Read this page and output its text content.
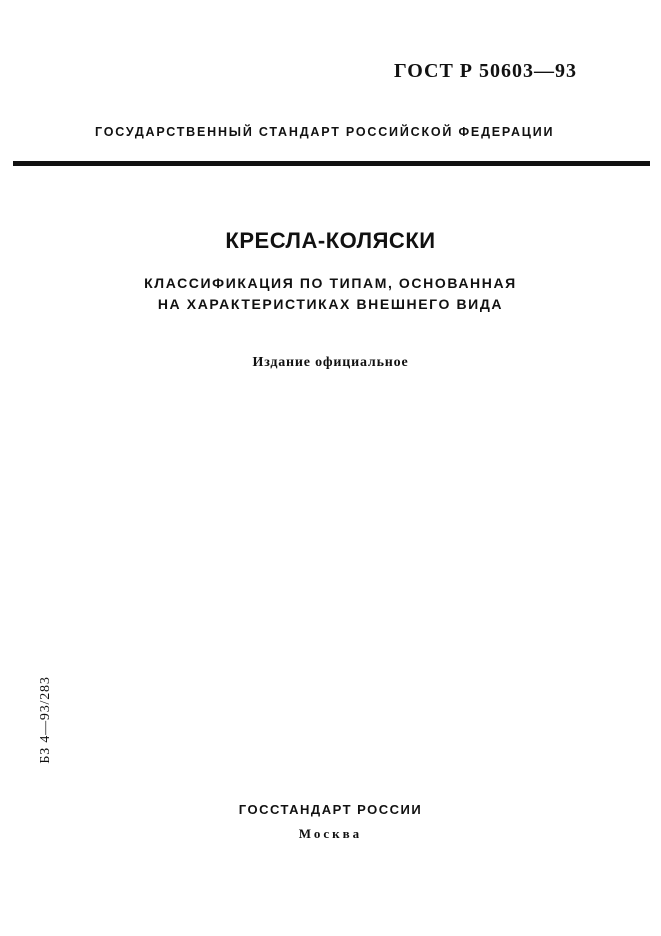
ГОСТ Р 50603—93
ГОСУДАРСТВЕННЫЙ СТАНДАРТ РОССИЙСКОЙ ФЕДЕРАЦИИ
КРЕСЛА-КОЛЯСКИ
КЛАССИФИКАЦИЯ ПО ТИПАМ, ОСНОВАННАЯ
НА ХАРАКТЕРИСТИКАХ ВНЕШНЕГО ВИДА
Издание официальное
БЗ 4—93/283
ГОССТАНДАРТ РОССИИ
Москва
